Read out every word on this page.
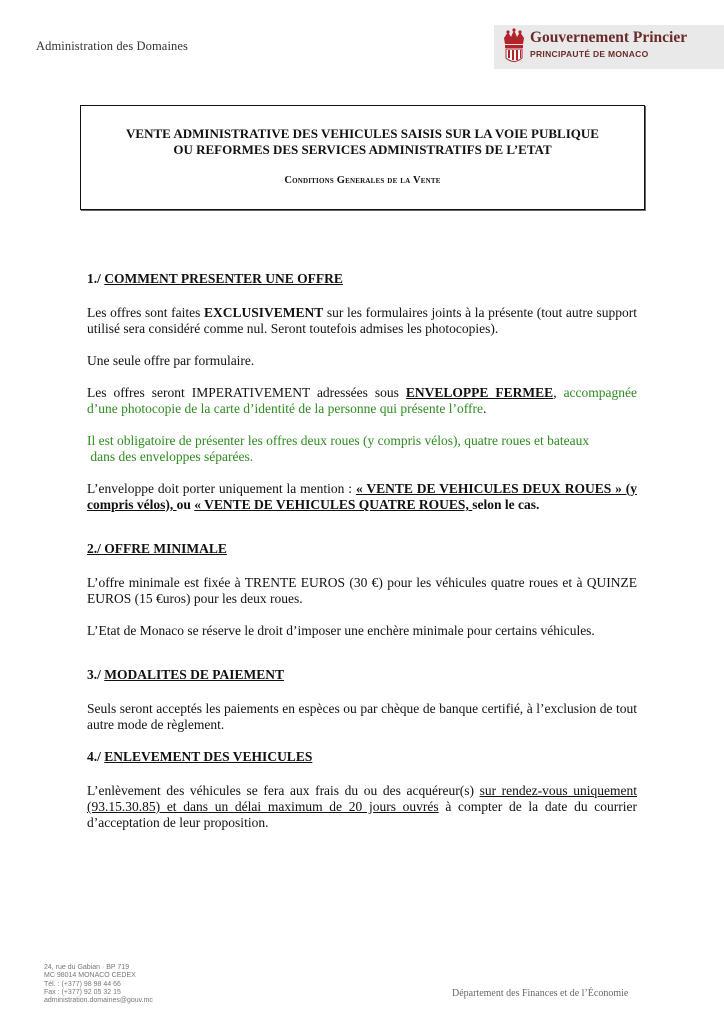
Administration des Domaines	Gouvernement Princier
PRINCIPAUTÉ DE MONACO
VENTE ADMINISTRATIVE DES VEHICULES SAISIS SUR LA VOIE PUBLIQUE
OU REFORMES DES SERVICES ADMINISTRATIFS DE L’ETAT
Conditions Generales de la Vente

1./ COMMENT PRESENTER UNE OFFRE

Les offres sont faites EXCLUSIVEMENT sur les formulaires joints à la présente (tout autre support utilisé sera considéré comme nul. Seront toutefois admises les photocopies).

Une seule offre par formulaire.

Les offres seront IMPERATIVEMENT adressées sous ENVELOPPE FERMEE, accompagnée d’une photocopie de la carte d’identité de la personne qui présente l’offre.

Il est obligatoire de présenter les offres deux roues (y compris vélos), quatre roues et bateaux
dans des enveloppes séparées.

L’enveloppe doit porter uniquement la mention : « VENTE DE VEHICULES DEUX ROUES » (y compris vélos), ou « VENTE DE VEHICULES QUATRE ROUES, selon le cas.

2./ OFFRE MINIMALE

L’offre minimale est fixée à TRENTE EUROS (30 €) pour les véhicules quatre roues et à QUINZE EUROS (15 €uros) pour les deux roues.

L’Etat de Monaco se réserve le droit d’imposer une enchère minimale pour certains véhicules.

3./ MODALITES DE PAIEMENT

Seuls seront acceptés les paiements en espèces ou par chèque de banque certifié, à l’exclusion de tout autre mode de règlement.

4./ ENLEVEMENT DES VEHICULES

L’enlèvement des véhicules se fera aux frais du ou des acquéreur(s) sur rendez-vous uniquement (93.15.30.85) et dans un délai maximum de 20 jours ouvrés à compter de la date du courrier d’acceptation de leur proposition.

24, rue du Gabian · BP 719
MC 98014 MONACO CEDEX
Tél. : (+377) 98 98 44 66
Fax : (+377) 92 05 32 15
administration.domaines@gouv.mc
Département des Finances et de l’Économie
